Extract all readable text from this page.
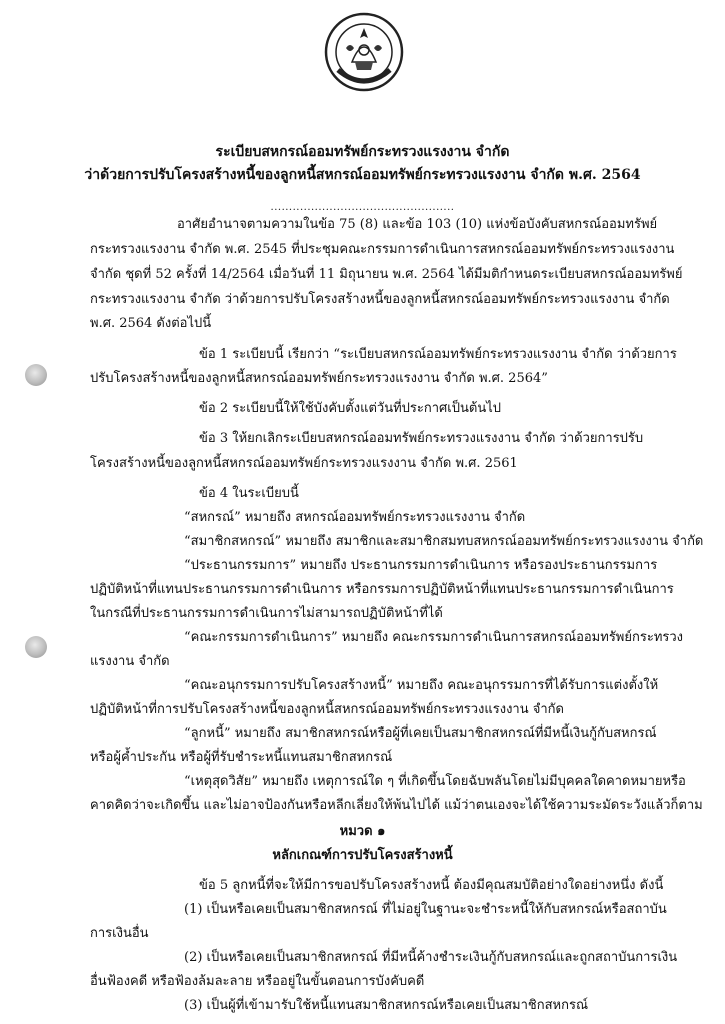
ระเบียบสหกรณ์ออมทรัพย์กระทรวงแรงงาน จำกัด
ว่าด้วยการปรับโครงสร้างหนี้ของลูกหนี้สหกรณ์ออมทรัพย์กระทรวงแรงงาน จำกัด พ.ศ. 2564
..................................................
อาศัยอำนาจตามความในข้อ 75 (8) และข้อ 103 (10) แห่งข้อบังคับสหกรณ์ออมทรัพย์
กระทรวงแรงงาน จำกัด พ.ศ. 2545 ที่ประชุมคณะกรรมการดำเนินการสหกรณ์ออมทรัพย์กระทรวงแรงงาน
จำกัด ชุดที่ 52 ครั้งที่ 14/2564 เมื่อวันที่ 11 มิถุนายน พ.ศ. 2564 ได้มีมติกำหนดระเบียบสหกรณ์ออมทรัพย์
กระทรวงแรงงาน จำกัด ว่าด้วยการปรับโครงสร้างหนี้ของลูกหนี้สหกรณ์ออมทรัพย์กระทรวงแรงงาน จำกัด
พ.ศ. 2564 ดังต่อไปนี้
ข้อ 1 ระเบียบนี้ เรียกว่า “ระเบียบสหกรณ์ออมทรัพย์กระทรวงแรงงาน จำกัด ว่าด้วยการ
ปรับโครงสร้างหนี้ของลูกหนี้สหกรณ์ออมทรัพย์กระทรวงแรงงาน จำกัด พ.ศ. 2564”
ข้อ 2 ระเบียบนี้ให้ใช้บังคับตั้งแต่วันที่ประกาศเป็นต้นไป
ข้อ 3 ให้ยกเลิกระเบียบสหกรณ์ออมทรัพย์กระทรวงแรงงาน จำกัด ว่าด้วยการปรับ
โครงสร้างหนี้ของลูกหนี้สหกรณ์ออมทรัพย์กระทรวงแรงงาน จำกัด พ.ศ. 2561
ข้อ 4 ในระเบียบนี้
“สหกรณ์” หมายถึง สหกรณ์ออมทรัพย์กระทรวงแรงงาน จำกัด
“สมาชิกสหกรณ์” หมายถึง สมาชิกและสมาชิกสมทบสหกรณ์ออมทรัพย์กระทรวงแรงงาน จำกัด
“ประธานกรรมการ” หมายถึง ประธานกรรมการดำเนินการ หรือรองประธานกรรมการ
ปฏิบัติหน้าที่แทนประธานกรรมการดำเนินการ หรือกรรมการปฏิบัติหน้าที่แทนประธานกรรมการดำเนินการ
ในกรณีที่ประธานกรรมการดำเนินการไม่สามารถปฏิบัติหน้าที่ได้
“คณะกรรมการดำเนินการ” หมายถึง คณะกรรมการดำเนินการสหกรณ์ออมทรัพย์กระทรวง
แรงงาน จำกัด
“คณะอนุกรรมการปรับโครงสร้างหนี้” หมายถึง คณะอนุกรรมการที่ได้รับการแต่งตั้งให้
ปฏิบัติหน้าที่การปรับโครงสร้างหนี้ของลูกหนี้สหกรณ์ออมทรัพย์กระทรวงแรงงาน จำกัด
“ลูกหนี้” หมายถึง สมาชิกสหกรณ์หรือผู้ที่เคยเป็นสมาชิกสหกรณ์ที่มีหนี้เงินกู้กับสหกรณ์
หรือผู้ค้ำประกัน หรือผู้ที่รับชำระหนี้แทนสมาชิกสหกรณ์
“เหตุสุดวิสัย” หมายถึง เหตุการณ์ใด ๆ ที่เกิดขึ้นโดยฉับพลันโดยไม่มีบุคคลใดคาดหมายหรือ
คาดคิดว่าจะเกิดขึ้น และไม่อาจป้องกันหรือหลีกเลี่ยงให้พ้นไปได้ แม้ว่าตนเองจะได้ใช้ความระมัดระวังแล้วก็ตาม
หมวด ๑
หลักเกณฑ์การปรับโครงสร้างหนี้
ข้อ 5 ลูกหนี้ที่จะให้มีการขอปรับโครงสร้างหนี้ ต้องมีคุณสมบัติอย่างใดอย่างหนึ่ง ดังนี้
(1) เป็นหรือเคยเป็นสมาชิกสหกรณ์ ที่ไม่อยู่ในฐานะจะชำระหนี้ให้กับสหกรณ์หรือสถาบัน
การเงินอื่น
(2) เป็นหรือเคยเป็นสมาชิกสหกรณ์ ที่มีหนี้ค้างชำระเงินกู้กับสหกรณ์และถูกสถาบันการเงิน
อื่นฟ้องคดี หรือฟ้องล้มละลาย หรืออยู่ในขั้นตอนการบังคับคดี
(3) เป็นผู้ที่เข้ามารับใช้หนี้แทนสมาชิกสหกรณ์หรือเคยเป็นสมาชิกสหกรณ์
